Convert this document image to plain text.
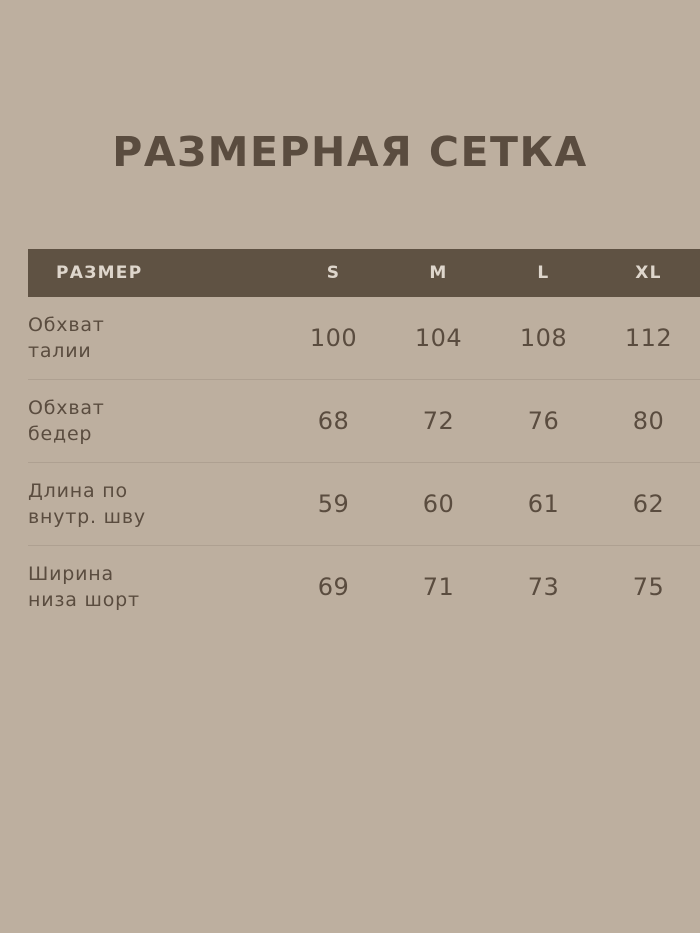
РАЗМЕРНАЯ СЕТКА
РАЗМЕР	S	M	L	XL

Обхват
талии	100	104	108	112

Обхват
бедер	68	72	76	80

Длина по
внутр. шву	59	60	61	62

Ширина
низа шорт	69	71	73	75
